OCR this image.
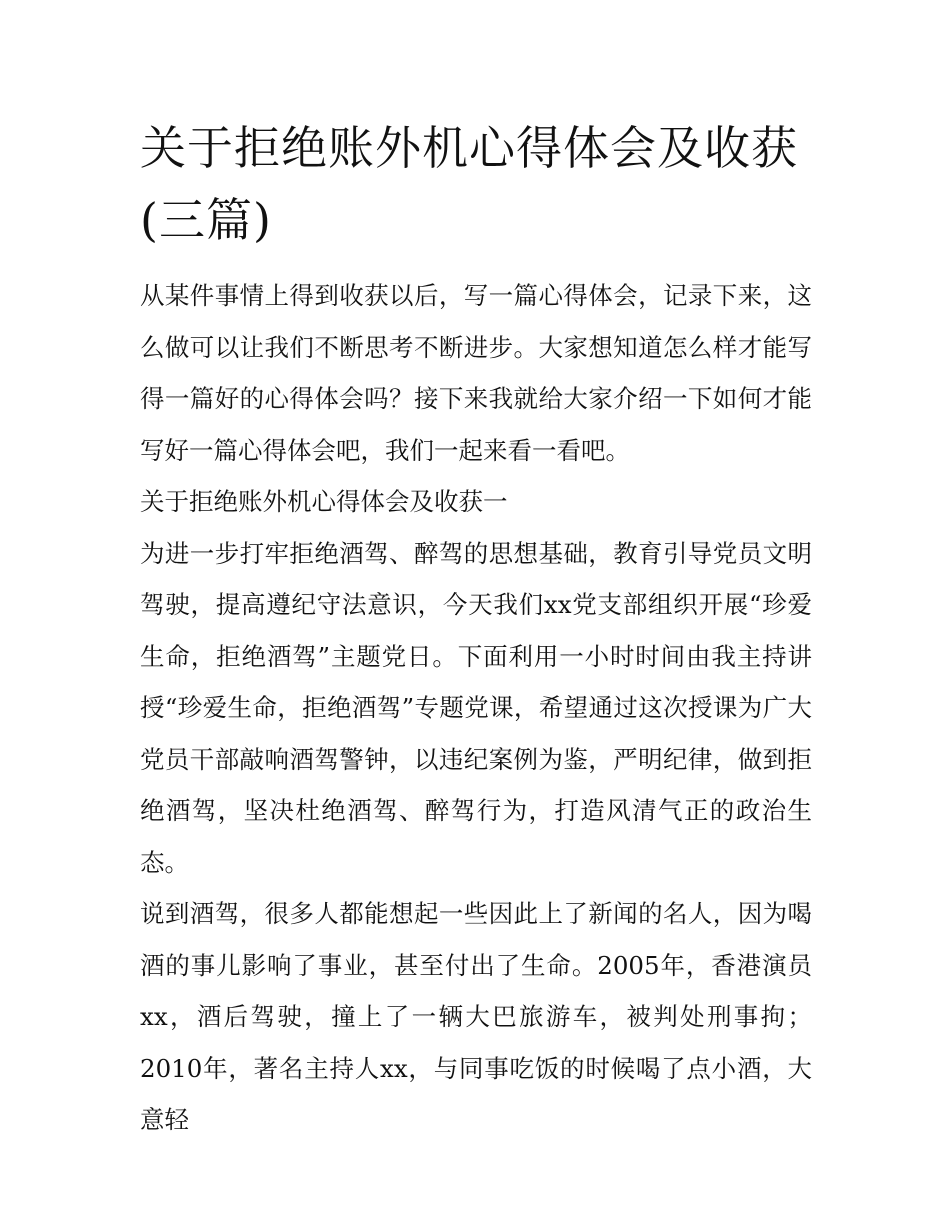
关于拒绝账外机心得体会及收获(三篇)

从某件事情上得到收获以后，写一篇心得体会，记录下来，这么做可以让我们不断思考不断进步。大家想知道怎么样才能写得一篇好的心得体会吗？接下来我就给大家介绍一下如何才能写好一篇心得体会吧，我们一起来看一看吧。

关于拒绝账外机心得体会及收获一

为进一步打牢拒绝酒驾、醉驾的思想基础，教育引导党员文明驾驶，提高遵纪守法意识，今天我们xx党支部组织开展“珍爱生命，拒绝酒驾”主题党日。下面利用一小时时间由我主持讲授“珍爱生命，拒绝酒驾”专题党课，希望通过这次授课为广大党员干部敲响酒驾警钟，以违纪案例为鉴，严明纪律，做到拒绝酒驾，坚决杜绝酒驾、醉驾行为，打造风清气正的政治生态。

说到酒驾，很多人都能想起一些因此上了新闻的名人，因为喝酒的事儿影响了事业，甚至付出了生命。2005年，香港演员xx，酒后驾驶，撞上了一辆大巴旅游车，被判处刑事拘；2010年，著名主持人xx，与同事吃饭的时候喝了点小酒，大意轻
